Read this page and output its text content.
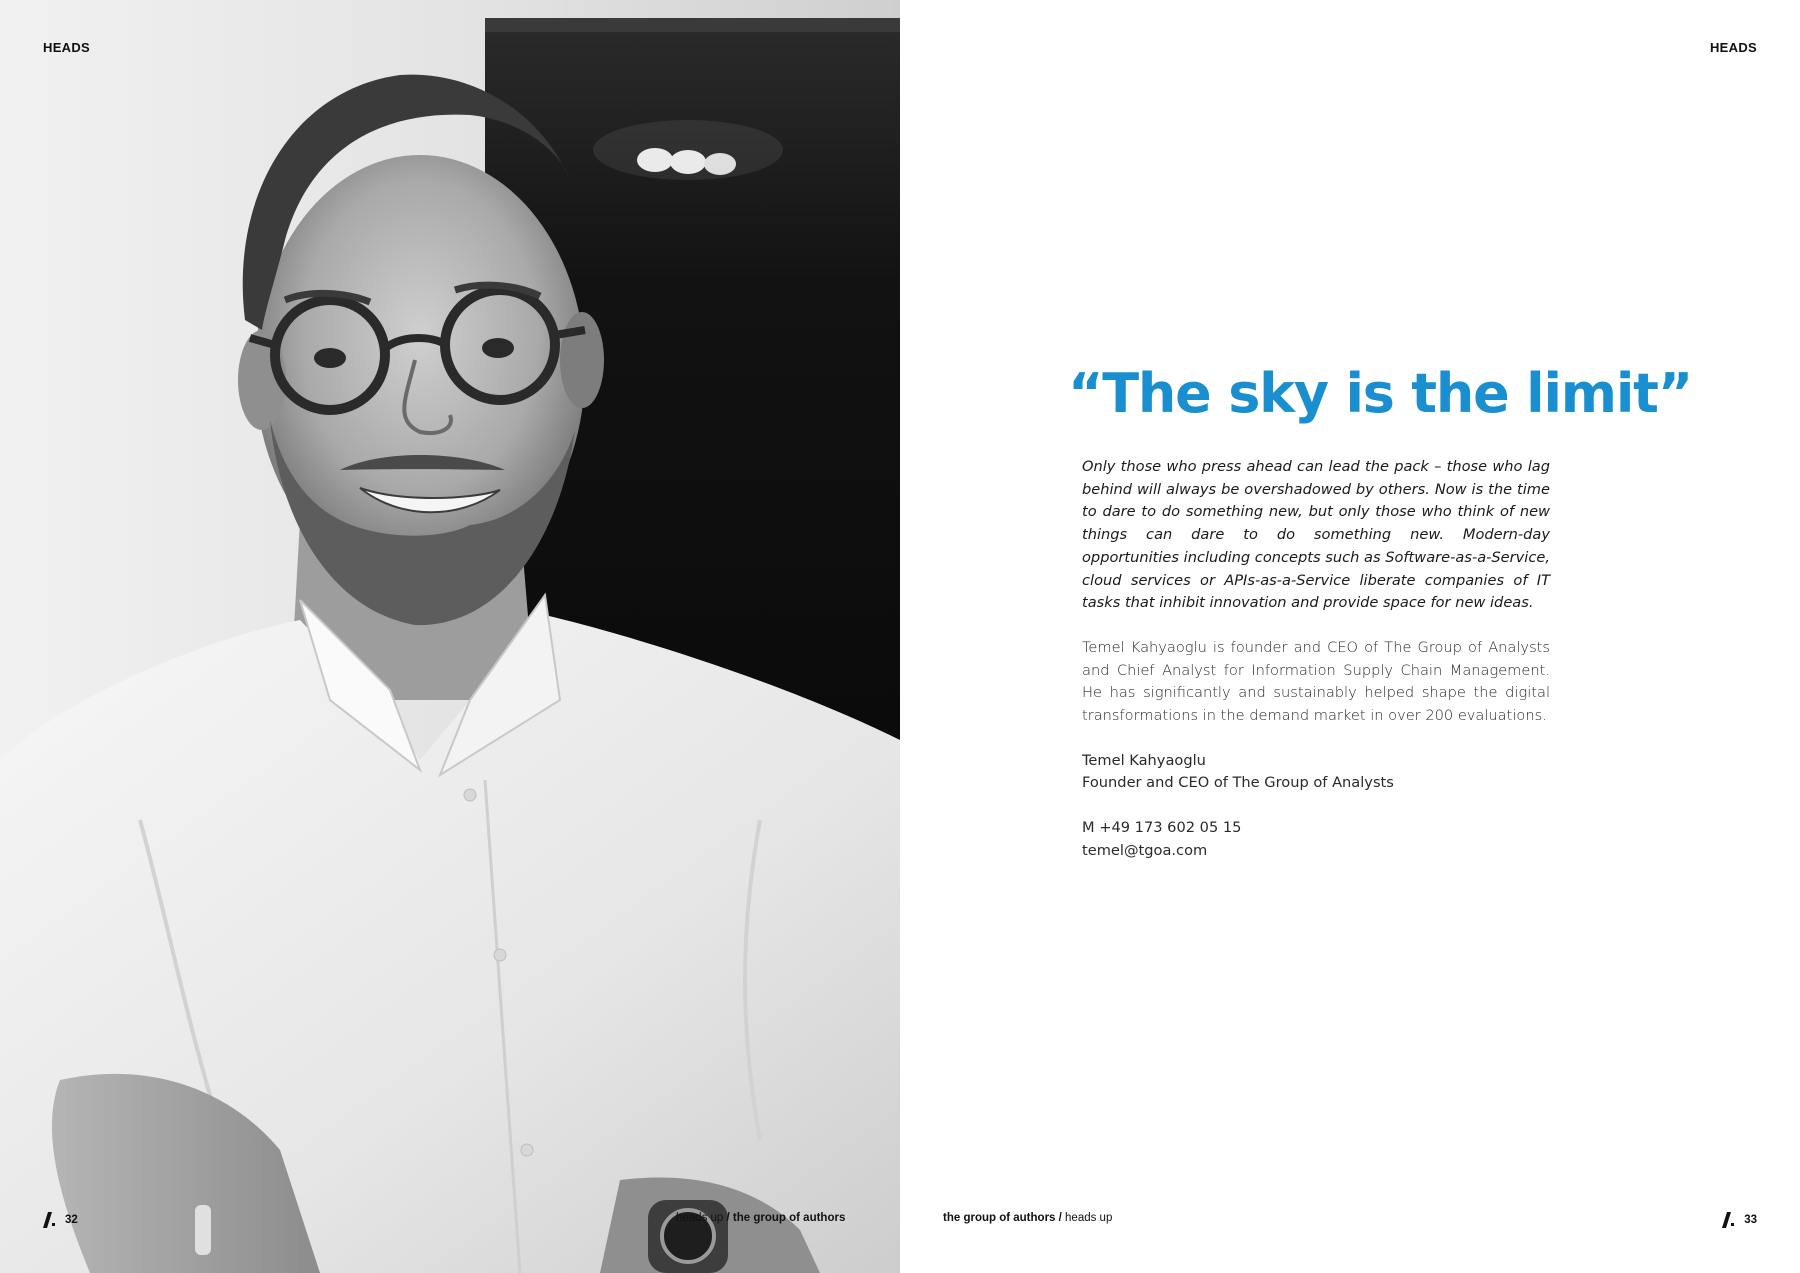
HEADS
32	heads up / the group of authors
HEADS
“The sky is the limit”

Only those who press ahead can lead the pack – those who lag behind will always be overshadowed by others. Now is the time to dare to do something new, but only those who think of new things can dare to do something new. Modern-day opportunities including concepts such as Software-as-a-Service, cloud services or APIs-as-a-Service liberate companies of IT tasks that inhibit innovation and provide space for new ideas.

Temel Kahyaoglu is founder and CEO of The Group of Analysts and Chief Analyst for Information Supply Chain Management. He has significantly and sustainably helped shape the digital transformations in the demand market in over 200 evaluations.

Temel Kahyaoglu
Founder and CEO of The Group of Analysts
M +49 173 602 05 15
temel@tgoa.com
the group of authors / heads up	33
